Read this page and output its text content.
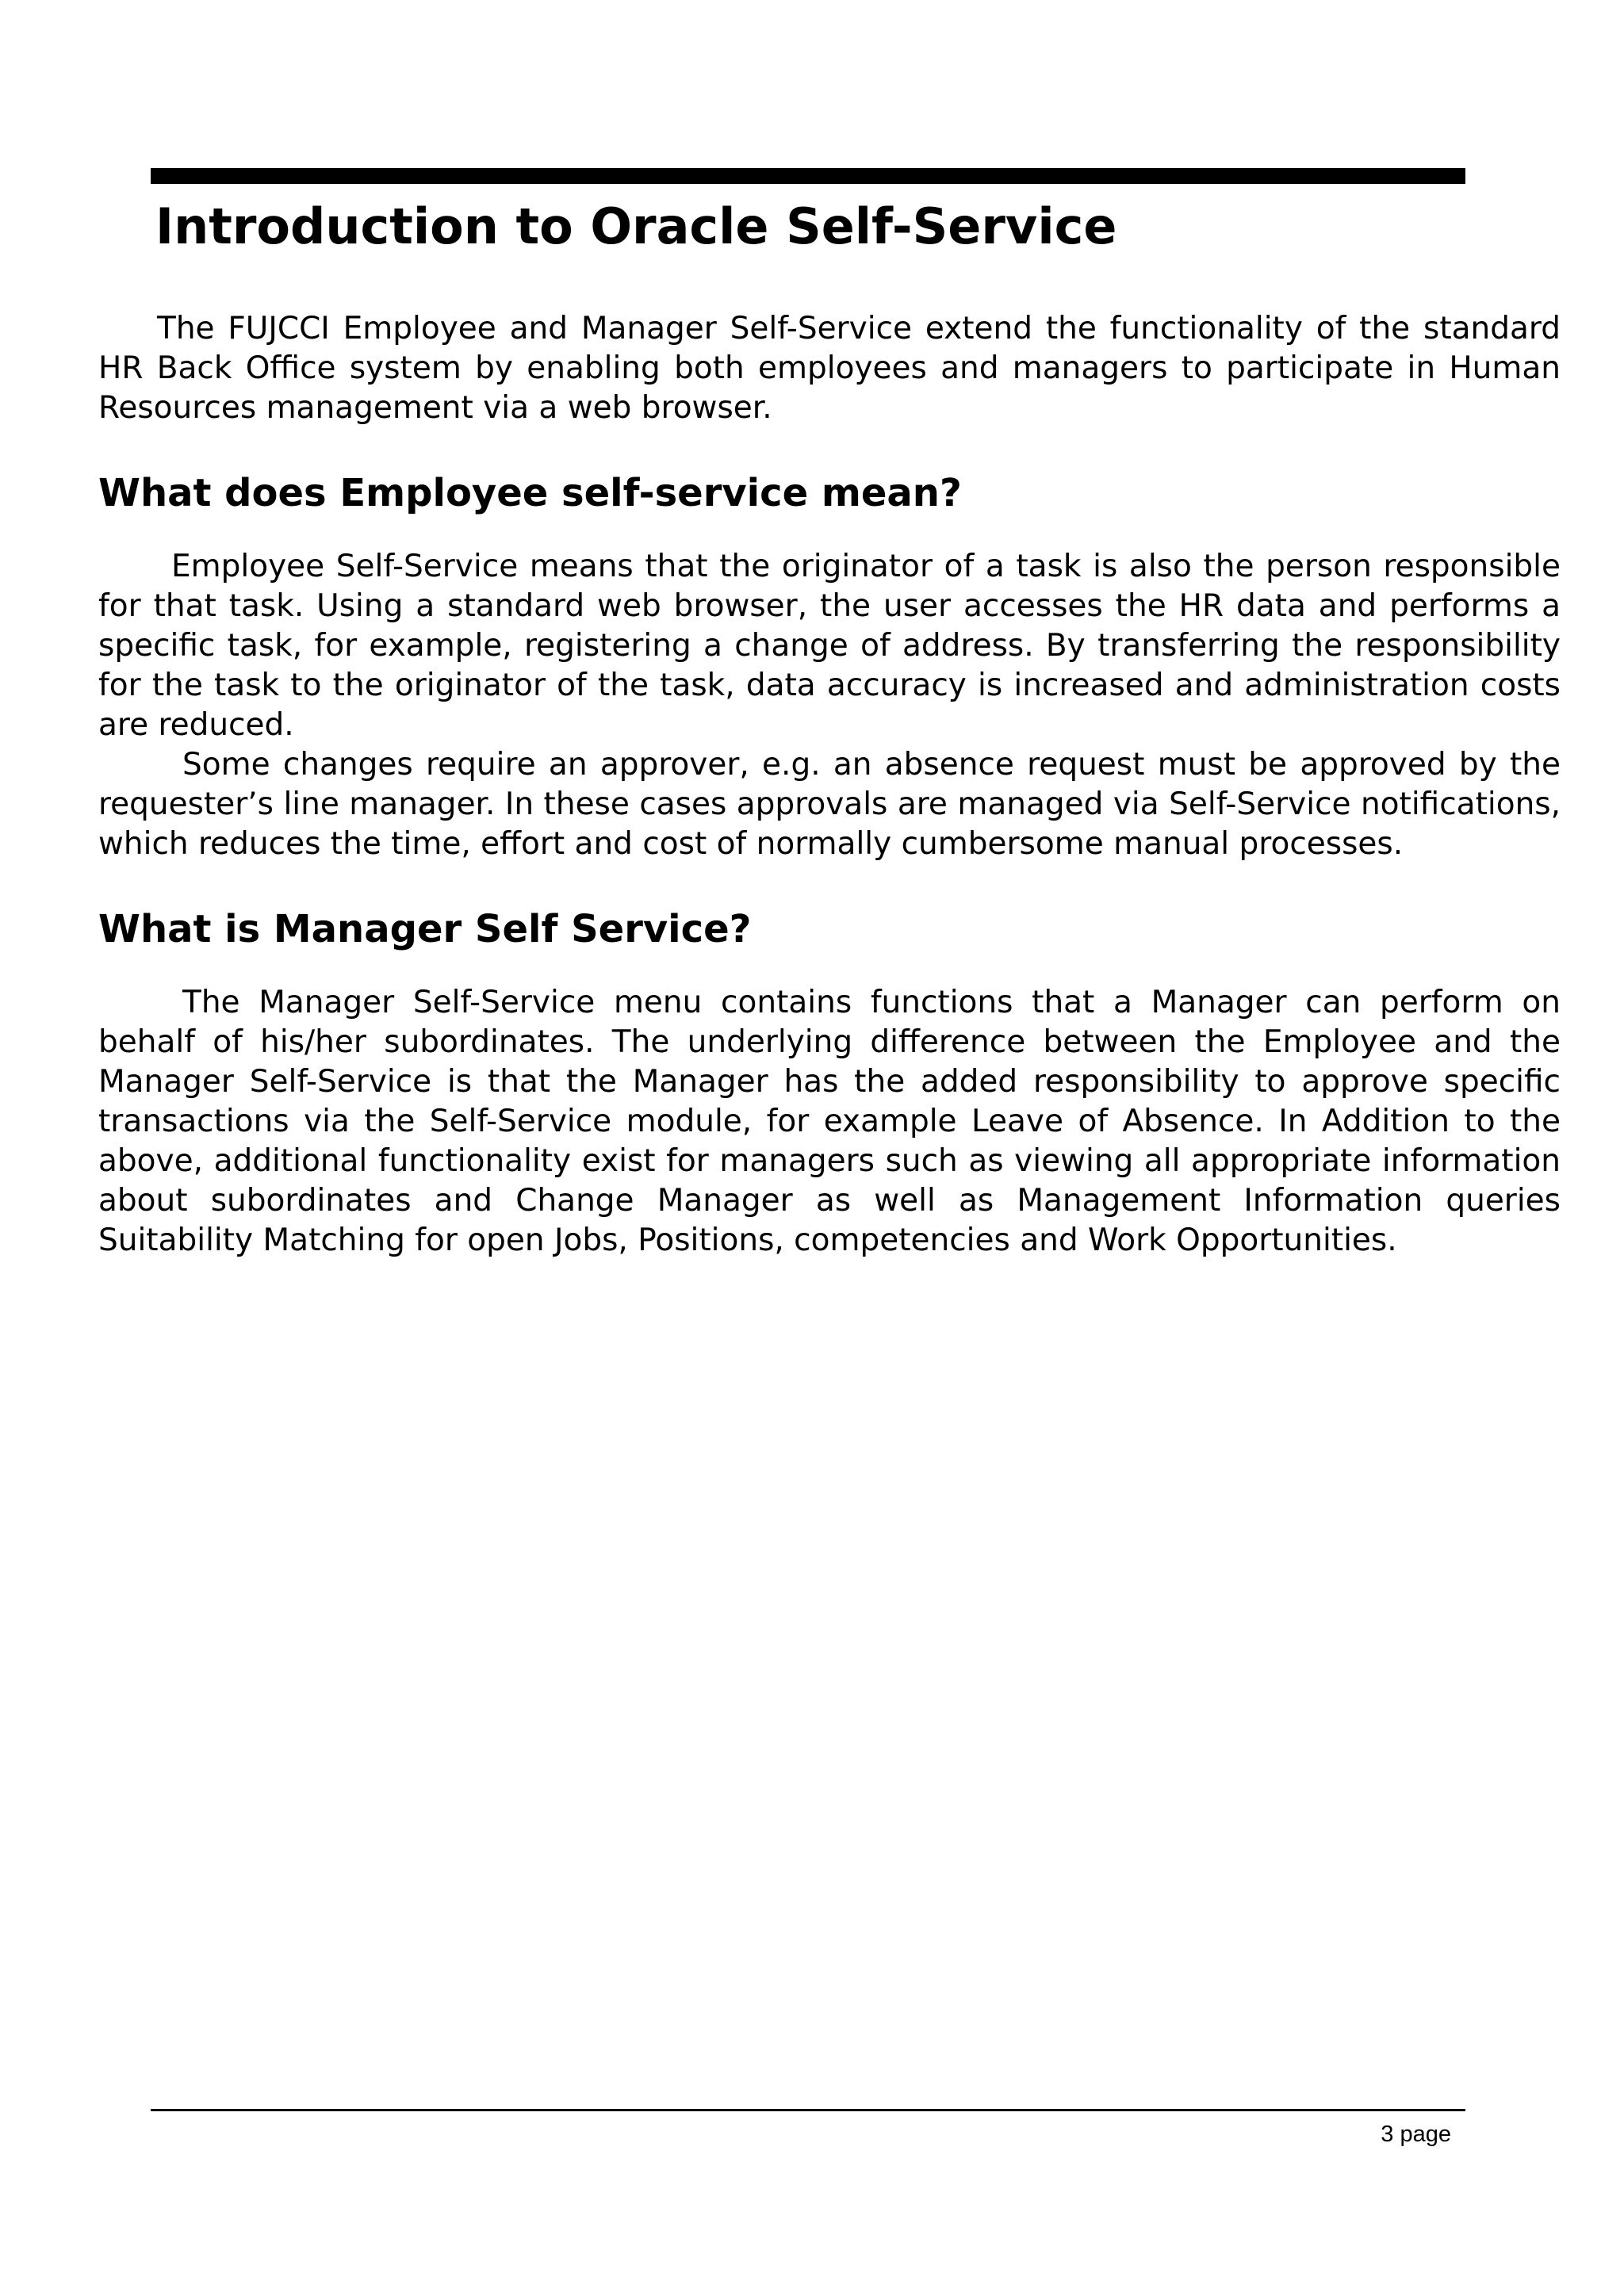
Introduction to Oracle Self-Service

The FUJCCI Employee and Manager Self-Service extend the functionality of the standard HR Back Office system by enabling both employees and managers to participate in Human Resources management via a web browser.

What does Employee self-service mean?

Employee Self-Service means that the originator of a task is also the person responsible for that task. Using a standard web browser, the user accesses the HR data and performs a specific task, for example, registering a change of address. By transferring the responsibility for the task to the originator of the task, data accuracy is increased and administration costs are reduced.

Some changes require an approver, e.g. an absence request must be approved by the requester’s line manager. In these cases approvals are managed via Self-Service notifications, which reduces the time, effort and cost of normally cumbersome manual processes.

What is Manager Self Service?

The Manager Self-Service menu contains functions that a Manager can perform on behalf of his/her subordinates. The underlying difference between the Employee and the Manager Self-Service is that the Manager has the added responsibility to approve specific transactions via the Self-Service module, for example Leave of Absence. In Addition to the above, additional functionality exist for managers such as viewing all appropriate information about subordinates and Change Manager as well as Management Information queries Suitability Matching for open Jobs, Positions, competencies and Work Opportunities.

3 page
